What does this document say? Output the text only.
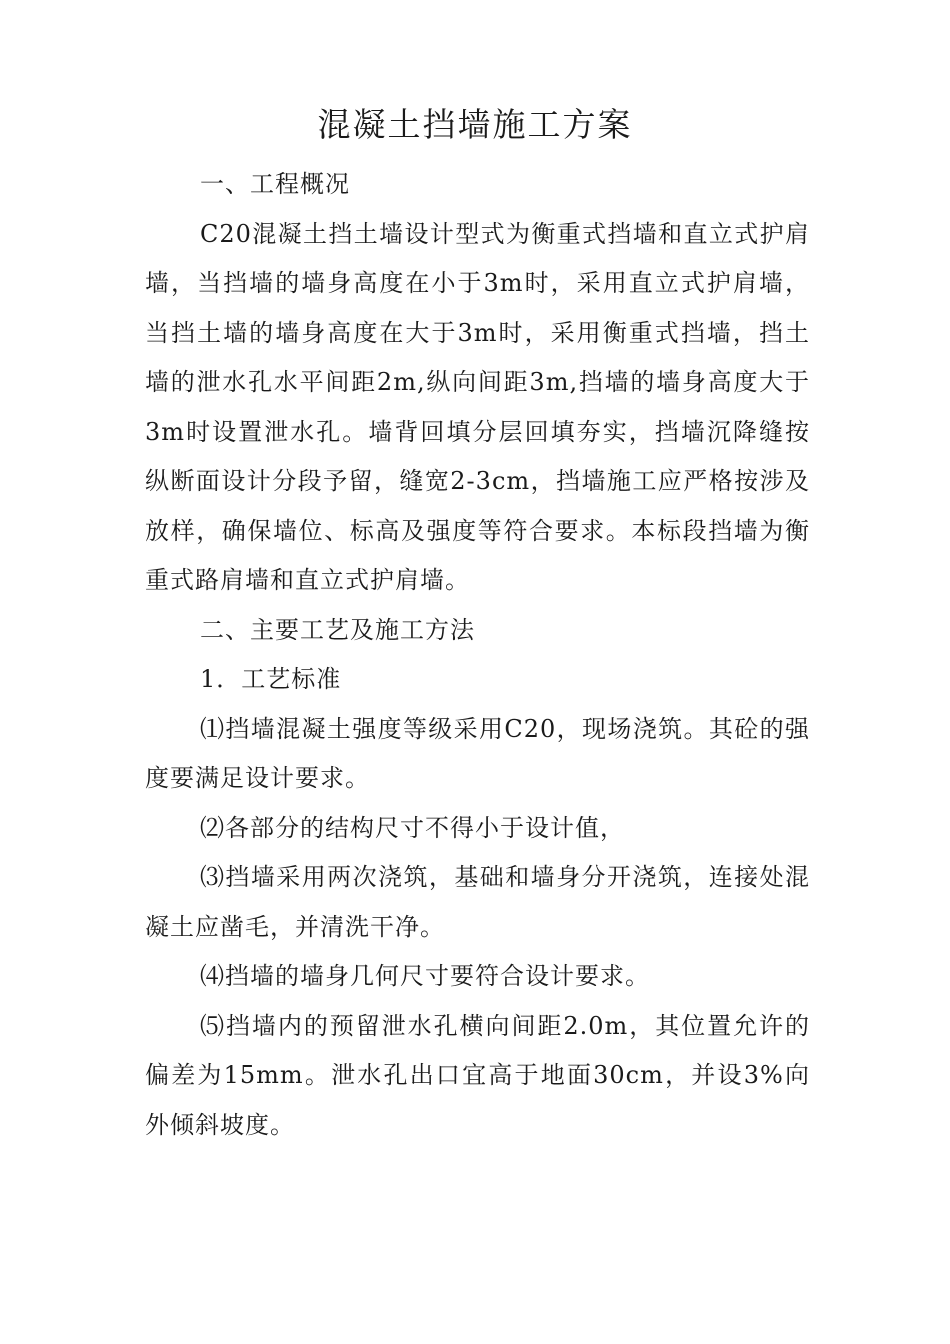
混凝土挡墙施工方案

一、工程概况

C20混凝土挡土墙设计型式为衡重式挡墙和直立式护肩墙，当挡墙的墙身高度在小于3m时，采用直立式护肩墙，当挡土墙的墙身高度在大于3m时，采用衡重式挡墙，挡土墙的泄水孔水平间距2m,纵向间距3m,挡墙的墙身高度大于3m时设置泄水孔。墙背回填分层回填夯实，挡墙沉降缝按纵断面设计分段予留，缝宽2-3cm，挡墙施工应严格按涉及放样，确保墙位、标高及强度等符合要求。本标段挡墙为衡重式路肩墙和直立式护肩墙。

二、主要工艺及施工方法

1．工艺标准

⑴挡墙混凝土强度等级采用C20，现场浇筑。其砼的强度要满足设计要求。

⑵各部分的结构尺寸不得小于设计值，

⑶挡墙采用两次浇筑，基础和墙身分开浇筑，连接处混凝土应凿毛，并清洗干净。

⑷挡墙的墙身几何尺寸要符合设计要求。

⑸挡墙内的预留泄水孔横向间距2.0m，其位置允许的偏差为15mm。泄水孔出口宜高于地面30cm，并设3%向外倾斜坡度。
